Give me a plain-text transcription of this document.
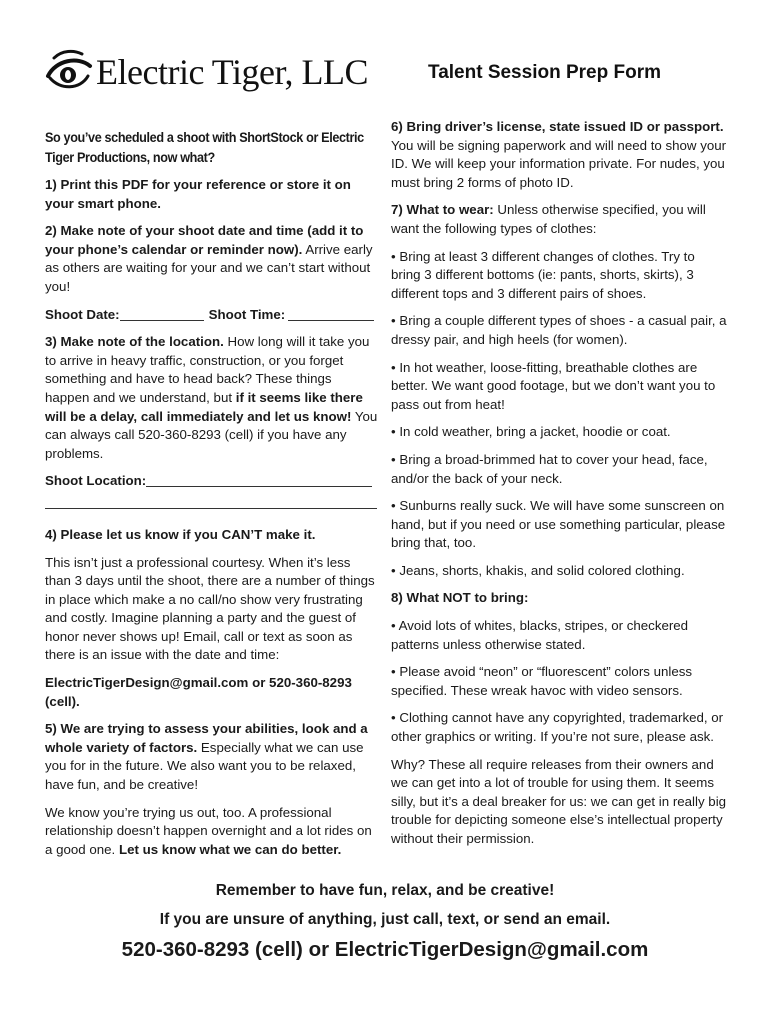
Electric Tiger, LLC	Talent Session Prep Form

So you’ve scheduled a shoot with ShortStock or Electric Tiger Productions, now what?

1) Print this PDF for your reference or store it on your smart phone.

2) Make note of your shoot date and time (add it to your phone’s calendar or reminder now). Arrive early as others are waiting for your and we can’t start without you!

Shoot Date:	Shoot Time:

3) Make note of the location. How long will it take you to arrive in heavy traffic, construction, or you forget something and have to head back? These things happen and we understand, but if it seems like there will be a delay, call immediately and let us know! You can always call 520-360-8293 (cell) if you have any problems.

Shoot Location:

4) Please let us know if you CAN’T make it.

This isn’t just a professional courtesy. When it’s less than 3 days until the shoot, there are a number of things in place which make a no call/no show very frustrating and costly. Imagine planning a party and the guest of honor never shows up! Email, call or text as soon as there is an issue with the date and time:

ElectricTigerDesign@gmail.com or 520-360-8293 (cell).

5) We are trying to assess your abilities, look and a whole variety of factors. Especially what we can use you for in the future. We also want you to be relaxed, have fun, and be creative!

We know you’re trying us out, too. A professional relationship doesn’t happen overnight and a lot rides on a good one. Let us know what we can do better.

6) Bring driver’s license, state issued ID or passport. You will be signing paperwork and will need to show your ID. We will keep your information private. For nudes, you must bring 2 forms of photo ID.

7) What to wear: Unless otherwise specified, you will want the following types of clothes:

• Bring at least 3 different changes of clothes. Try to bring 3 different bottoms (ie: pants, shorts, skirts), 3 different tops and 3 different pairs of shoes.

• Bring a couple different types of shoes - a casual pair, a dressy pair, and high heels (for women).

• In hot weather, loose-fitting, breathable clothes are better. We want good footage, but we don’t want you to pass out from heat!

• In cold weather, bring a jacket, hoodie or coat.

• Bring a broad-brimmed hat to cover your head, face, and/or the back of your neck.

• Sunburns really suck. We will have some sunscreen on hand, but if you need or use something particular, please bring that, too.

• Jeans, shorts, khakis, and solid colored clothing.

8) What NOT to bring:

• Avoid lots of whites, blacks, stripes, or checkered patterns unless otherwise stated.

• Please avoid “neon” or “fluorescent” colors unless specified. These wreak havoc with video sensors.

• Clothing cannot have any copyrighted, trademarked, or other graphics or writing. If you’re not sure, please ask.

Why? These all require releases from their owners and we can get into a lot of trouble for using them. It seems silly, but it’s a deal breaker for us: we can get in really big trouble for depicting someone else’s intellectual property without their permission.

Remember to have fun, relax, and be creative!
If you are unsure of anything, just call, text, or send an email.
520-360-8293 (cell) or ElectricTigerDesign@gmail.com
